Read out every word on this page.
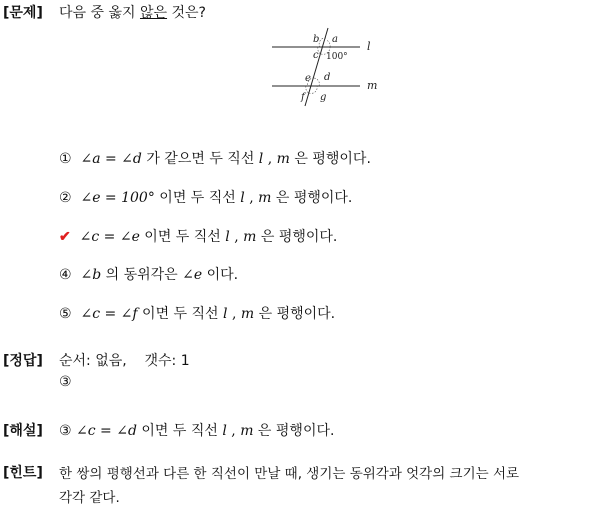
[문제] 다음 중 옳지 않은 것은?
b a
c 100°
l
e d
m
f g
① ∠a = ∠d 가 같으면 두 직선 l , m 은 평행이다.
② ∠e = 100° 이면 두 직선 l , m 은 평행이다.
✔ ∠c = ∠e 이면 두 직선 l , m 은 평행이다.
④ ∠b 의 동위각은 ∠e 이다.
⑤ ∠c = ∠f 이면 두 직선 l , m 은 평행이다.
[정답] 순서: 없음,    갯수: 1
③
[해설] ③ ∠c = ∠d 이면 두 직선 l , m 은 평행이다.
[힌트] 한 쌍의 평행선과 다른 한 직선이 만날 때, 생기는 동위각과 엇각의 크기는 서로
각각 같다.
